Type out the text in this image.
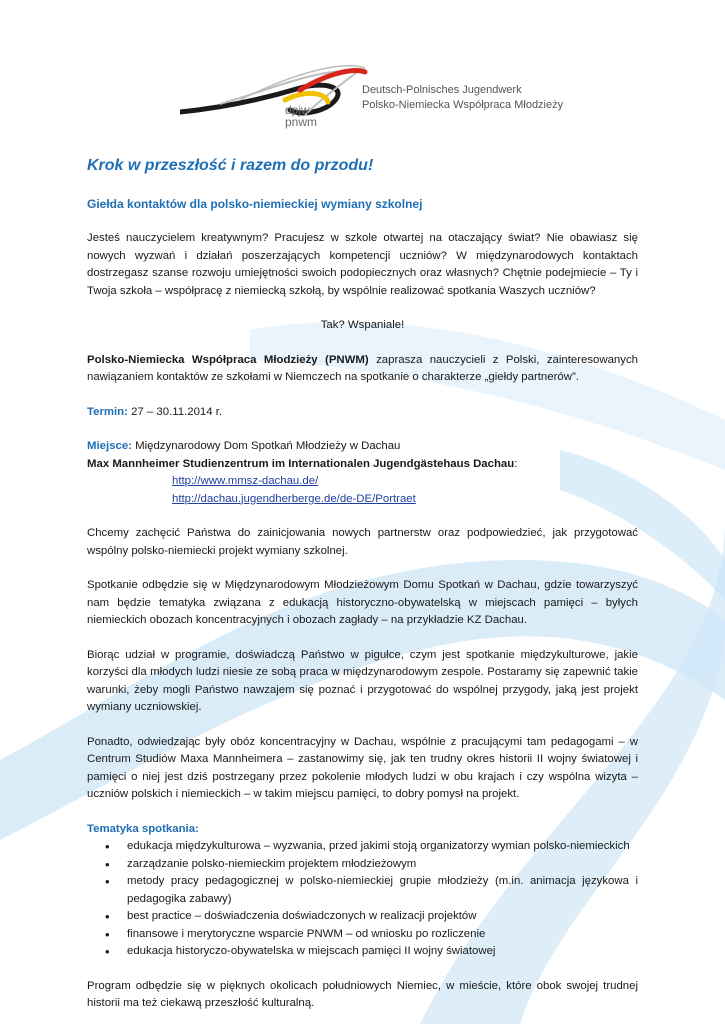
dpjw
pnwm
Deutsch-Polnisches Jugendwerk
Polsko-Niemiecka Współpraca Młodzieży
Krok w przeszłość i razem do przodu!
Giełda kontaktów dla polsko-niemieckiej wymiany szkolnej

Jesteś nauczycielem kreatywnym? Pracujesz w szkole otwartej na otaczający świat? Nie obawiasz się nowych wyzwań i działań poszerzających kompetencji uczniów? W międzynarodowych kontaktach dostrzegasz szanse rozwoju umiejętności swoich podopiecznych oraz własnych? Chętnie podejmiecie – Ty i Twoja szkoła – współpracę z niemiecką szkołą, by wspólnie realizować spotkania Waszych uczniów?

Tak? Wspaniale!

Polsko-Niemiecka Współpraca Młodzieży (PNWM) zaprasza nauczycieli z Polski, zainteresowanych nawiązaniem kontaktów ze szkołami w Niemczech na spotkanie o charakterze „giełdy partnerów”.

Termin: 27 – 30.11.2014 r.

Miejsce: Międzynarodowy Dom Spotkań Młodzieży w Dachau

Max Mannheimer Studienzentrum im Internationalen Jugendgästehaus Dachau:

http://www.mmsz-dachau.de/
http://dachau.jugendherberge.de/de-DE/Portraet

Chcemy zachęcić Państwa do zainicjowania nowych partnerstw oraz podpowiedzieć, jak przygotować wspólny polsko-niemiecki projekt wymiany szkolnej.

Spotkanie odbędzie się w Międzynarodowym Młodzieżowym Domu Spotkań w Dachau, gdzie towarzyszyć nam będzie tematyka związana z edukacją historyczno-obywatelską w miejscach pamięci – byłych niemieckich obozach koncentracyjnych i obozach zagłady – na przykładzie KZ Dachau.

Biorąc udział w programie, doświadczą Państwo w pigułce, czym jest spotkanie międzykulturowe, jakie korzyści dla młodych ludzi niesie ze sobą praca w międzynarodowym zespole. Postaramy się zapewnić takie warunki, żeby mogli Państwo nawzajem się poznać i przygotować do wspólnej przygody, jaką jest projekt wymiany uczniowskiej.

Ponadto, odwiedzając były obóz koncentracyjny w Dachau, wspólnie z pracującymi tam pedagogami – w Centrum Studiów Maxa Mannheimera – zastanowimy się, jak ten trudny okres historii II wojny światowej i pamięci o niej jest dziś postrzegany przez pokolenie młodych ludzi w obu krajach i czy wspólna wizyta – uczniów polskich i niemieckich – w takim miejscu pamięci, to dobry pomysł na projekt.

Tematyka spotkania:

• edukacja międzykulturowa – wyzwania, przed jakimi stoją organizatorzy wymian polsko-niemieckich
• zarządzanie polsko-niemieckim projektem młodzieżowym
• metody pracy pedagogicznej w polsko-niemieckiej grupie młodzieży (m.in. animacja językowa i pedagogika zabawy)
• best practice – doświadczenia doświadczonych w realizacji projektów
• finansowe i merytoryczne wsparcie PNWM – od wniosku po rozliczenie
• edukacja historyczo-obywatelska w miejscach pamięci II wojny światowej

Program odbędzie się w pięknych okolicach południowych Niemiec, w mieście, które obok swojej trudnej historii ma też ciekawą przeszłość kulturalną.
